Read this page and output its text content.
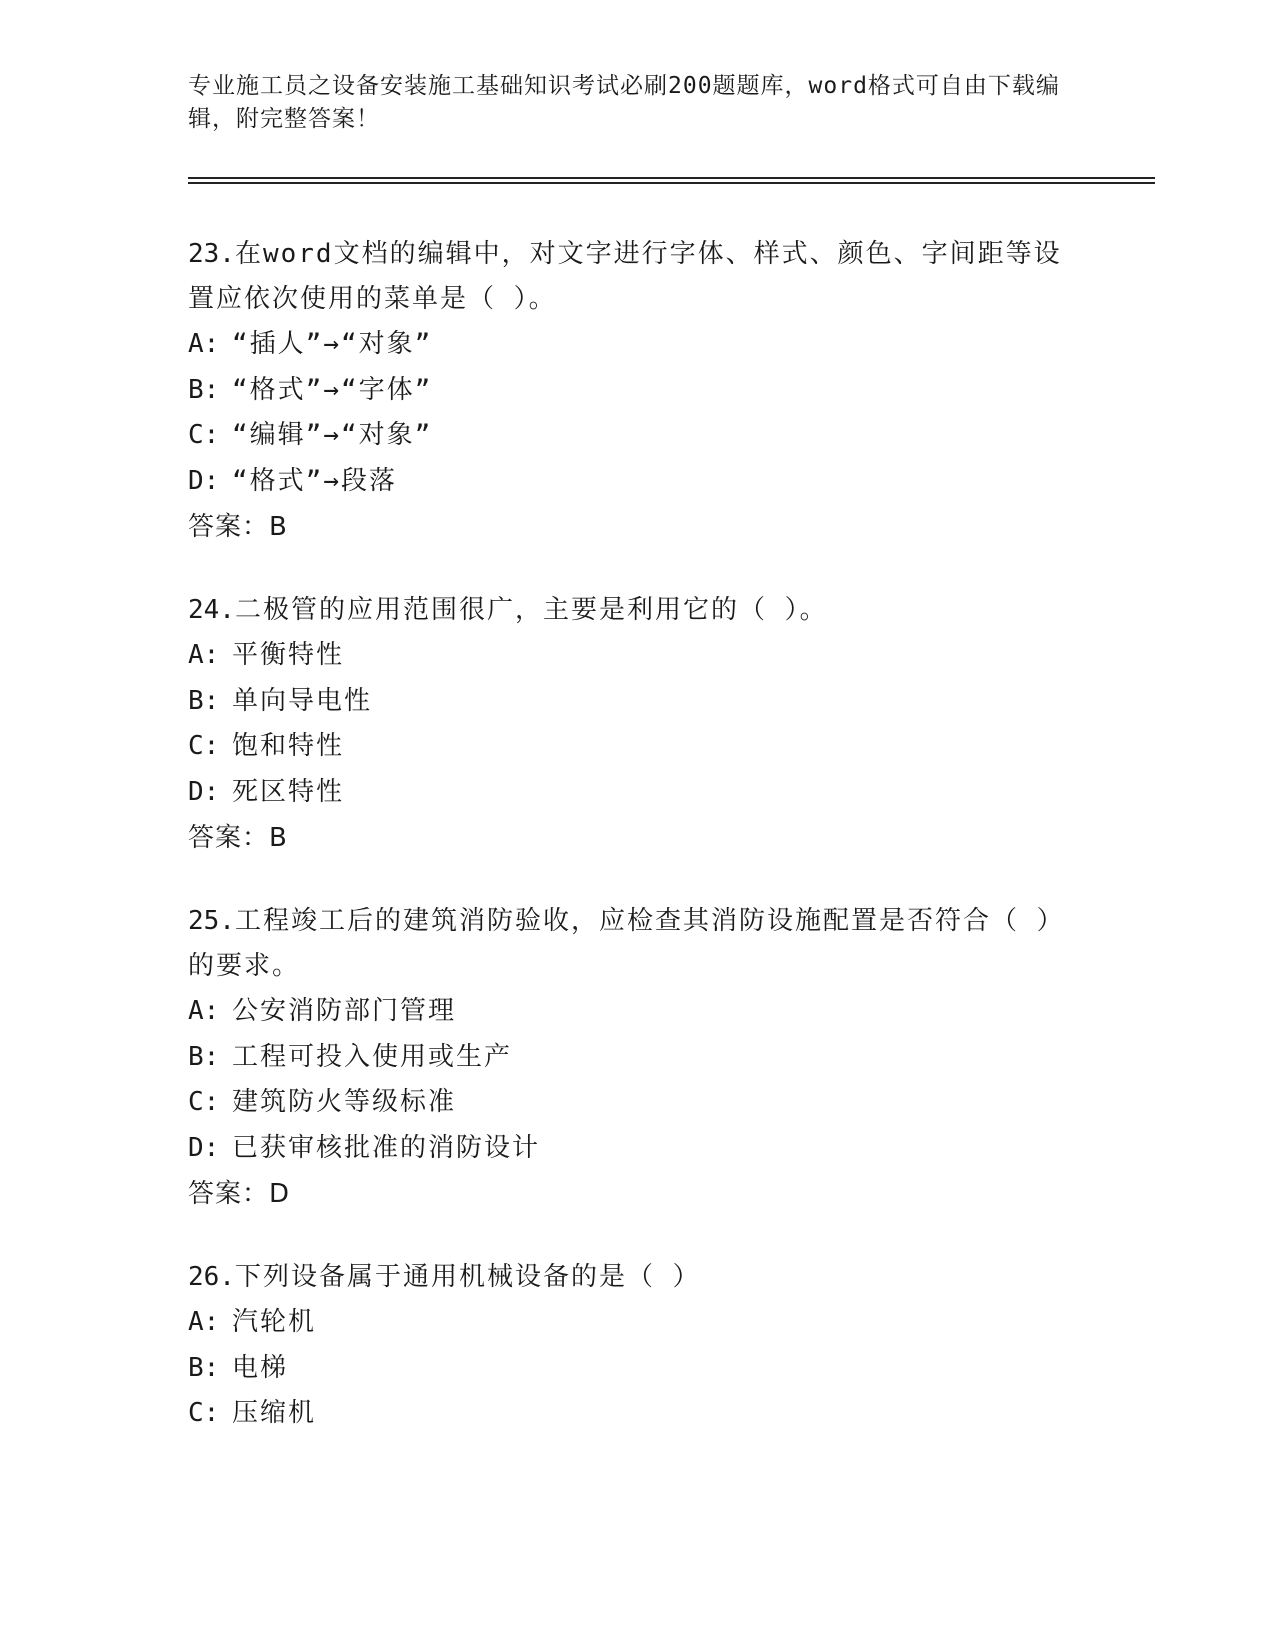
专业施工员之设备安装施工基础知识考试必刷200题题库，word格式可自由下载编辑，附完整答案！
23.在word文档的编辑中，对文字进行字体、样式、颜色、字间距等设置应依次使用的菜单是（ ）。
A: “插人”→“对象”
B: “格式”→“字体”
C: “编辑”→“对象”
D: “格式”→段落
答案：B
24.二极管的应用范围很广，主要是利用它的（ ）。
A: 平衡特性
B: 单向导电性
C: 饱和特性
D: 死区特性
答案：B
25.工程竣工后的建筑消防验收，应检查其消防设施配置是否符合（ ）的要求。
A: 公安消防部门管理
B: 工程可投入使用或生产
C: 建筑防火等级标准
D: 已获审核批准的消防设计
答案：D
26.下列设备属于通用机械设备的是（ ）
A: 汽轮机
B: 电梯
C: 压缩机
